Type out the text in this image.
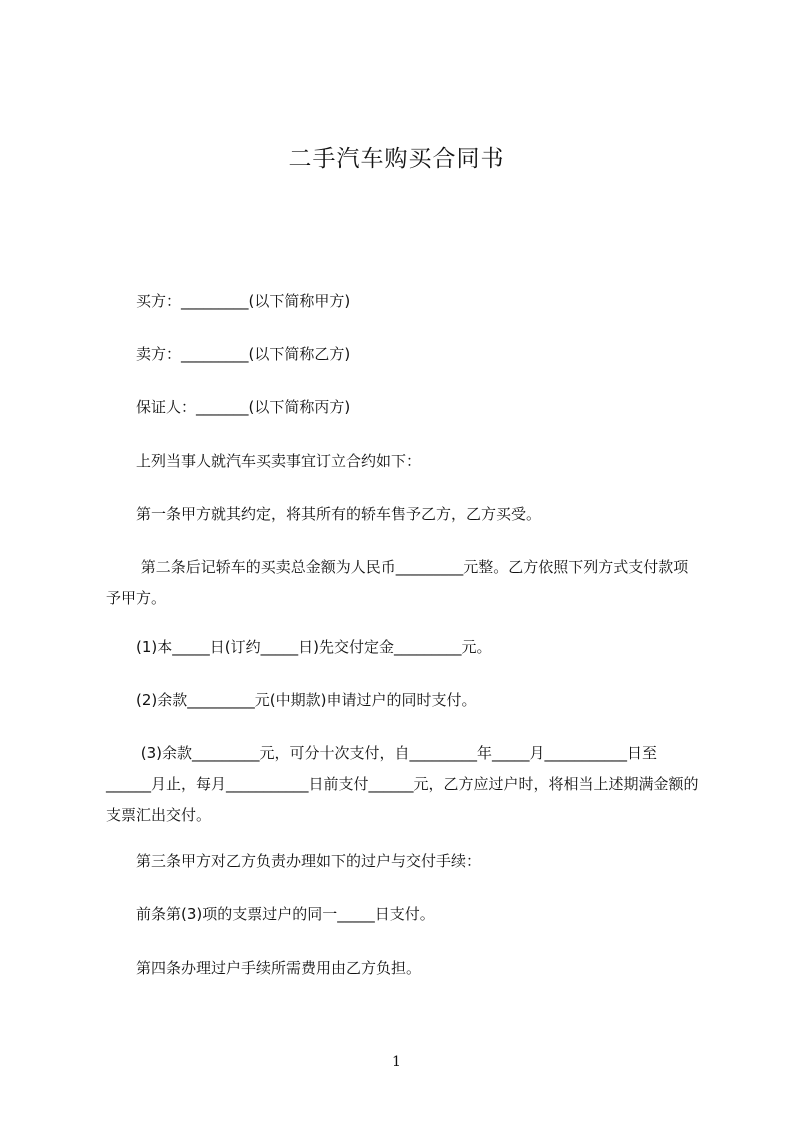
二手汽车购买合同书
买方：_________(以下简称甲方)
卖方：_________(以下简称乙方)
保证人：_______(以下简称丙方)
上列当事人就汽车买卖事宜订立合约如下：
第一条甲方就其约定，将其所有的轿车售予乙方，乙方买受。
第二条后记轿车的买卖总金额为人民币_________元整。乙方依照下列方式支付款项予甲方。
(1)本_____日(订约_____日)先交付定金_________元。
(2)余款_________元(中期款)申请过户的同时支付。
(3)余款_________元，可分十次支付，自_________年_____月___________日至______月止，每月___________日前支付______元，乙方应过户时，将相当上述期满金额的支票汇出交付。
第三条甲方对乙方负责办理如下的过户与交付手续：
前条第(3)项的支票过户的同一_____日支付。
第四条办理过户手续所需费用由乙方负担。
1
